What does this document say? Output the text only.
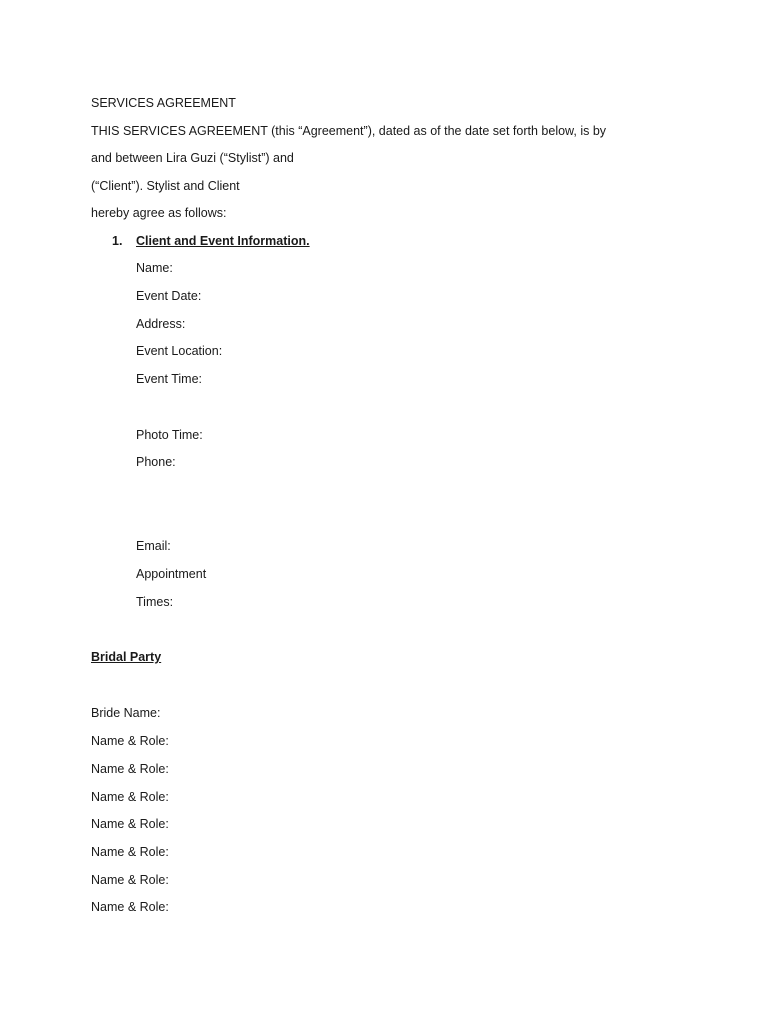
SERVICES AGREEMENT
THIS SERVICES AGREEMENT (this “Agreement”), dated as of the date set forth below, is by
and between Lira Guzi (“Stylist”) and
(“Client”). Stylist and Client
hereby agree as follows:
1. Client and Event Information.
Name:
Event Date:
Address:
Event Location:
Event Time:
Photo Time:
Phone:
Email:
Appointment
Times:
Bridal Party
Bride Name:
Name & Role:
Name & Role:
Name & Role:
Name & Role:
Name & Role:
Name & Role:
Name & Role:
